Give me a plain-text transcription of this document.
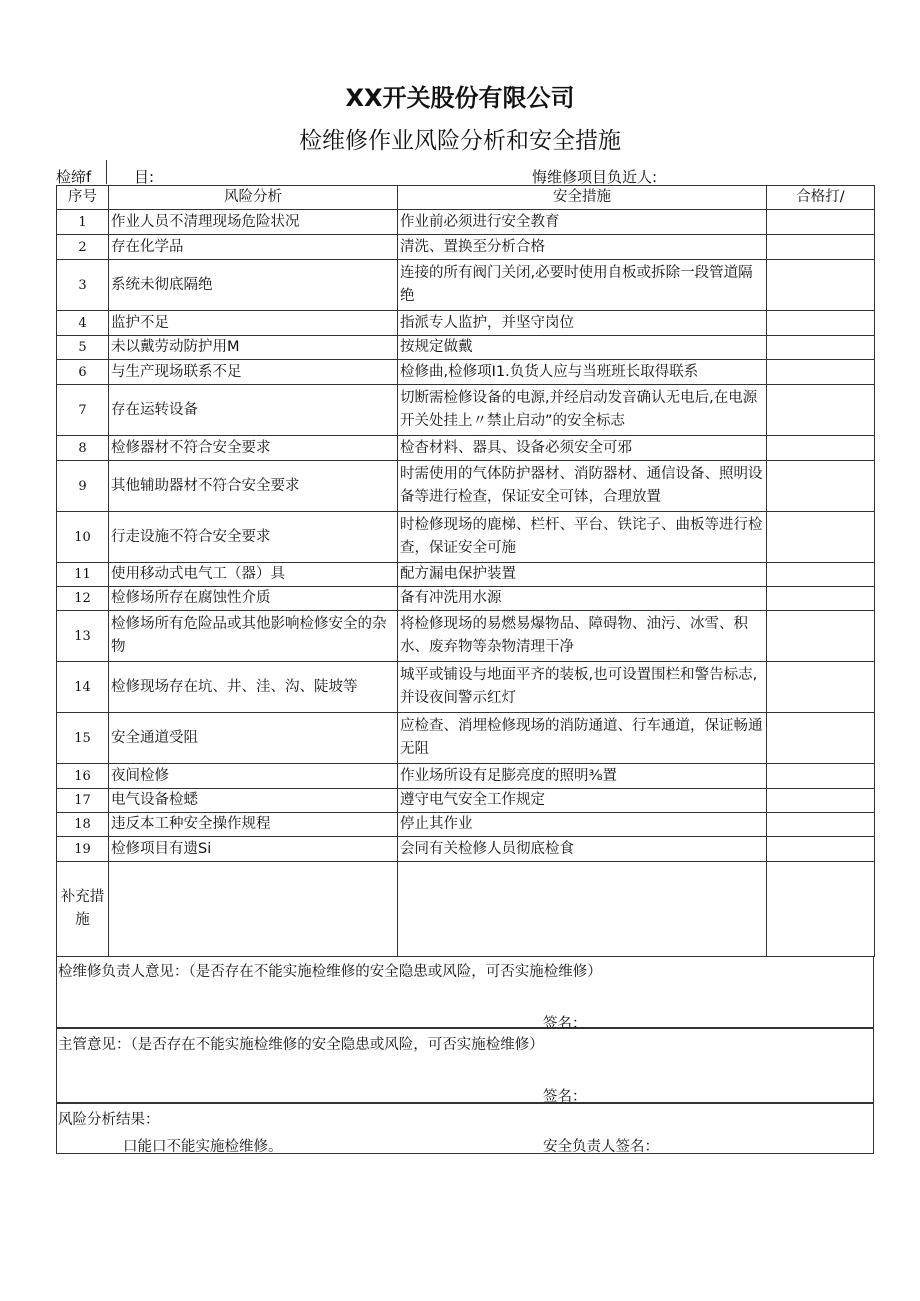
XX开关股份有限公司
检维修作业风险分析和安全措施
检缔f	目:	悔维修项目负近人:
序号	风险分析	安全措施	合格打/
1	作业人员不清理现场危险状况	作业前必须进行安全教育	
2	存在化学品	清洗、置换至分析合格	
3	系统未彻底隔绝	连接的所有阀门关闭,必要时使用自板或拆除一段管道隔绝	
4	监护不足	指派专人监护，并坚守岗位	
5	未以戴劳动防护用M	按规定做戴	
6	与生产现场联系不足	检修曲,检修项I1.负货人应与当班班长取得联系	
7	存在运转设备	切断需检修设备的电源,并经启动发音确认无电后,在电源开关处挂上〃禁止启动”的安全标志	
8	检修器材不符合安全要求	检杳材料、器具、设备必须安全可邪	
9	其他辅助器材不符合安全要求	时需使用的气体防护器材、消防器材、通信设备、照明设备等进行检查，保证安全可钵，合理放置	
10	行走设施不符合安全要求	时检修现场的鹿梯、栏杆、平台、铁诧子、曲板等进行检查，保证安全可施	
11	使用移动式电气工（器）具	配方漏电保护装置	
12	检修场所存在腐蚀性介质	备有冲洗用水源	
13	检修场所有危险品或其他影响检修安全的杂物	将检修现场的易燃易爆物品、障碍物、油污、冰雪、积水、废弃物等杂物清理干净	
14	检修现场存在坑、井、洼、沟、陡坡等	城平或铺设与地面平齐的装板,也可设置围栏和警告标志,并设夜间警示红灯	
15	安全通道受阻	应检查、消埋检修现场的消防通道、行车通道，保证畅通无阻	
16	夜间检修	作业场所设有足膨亮度的照明⅜置	
17	电气设备检蟋	遵守电气安全工作规定	
18	违反本工种安全操作规程	停止其作业	
19	检修项目有遗Si	会同有关检修人员彻底检食	
补充措施			
检维修负责人意见：（是否存在不能实施检维修的安全隐患或风险，可否实施检维修）
签名：
主管意见：（是否存在不能实施检维修的安全隐患或风险，可否实施检维修）
签名：
风险分析结果：
口能口不能实施检维修。	安全负责人签名：
